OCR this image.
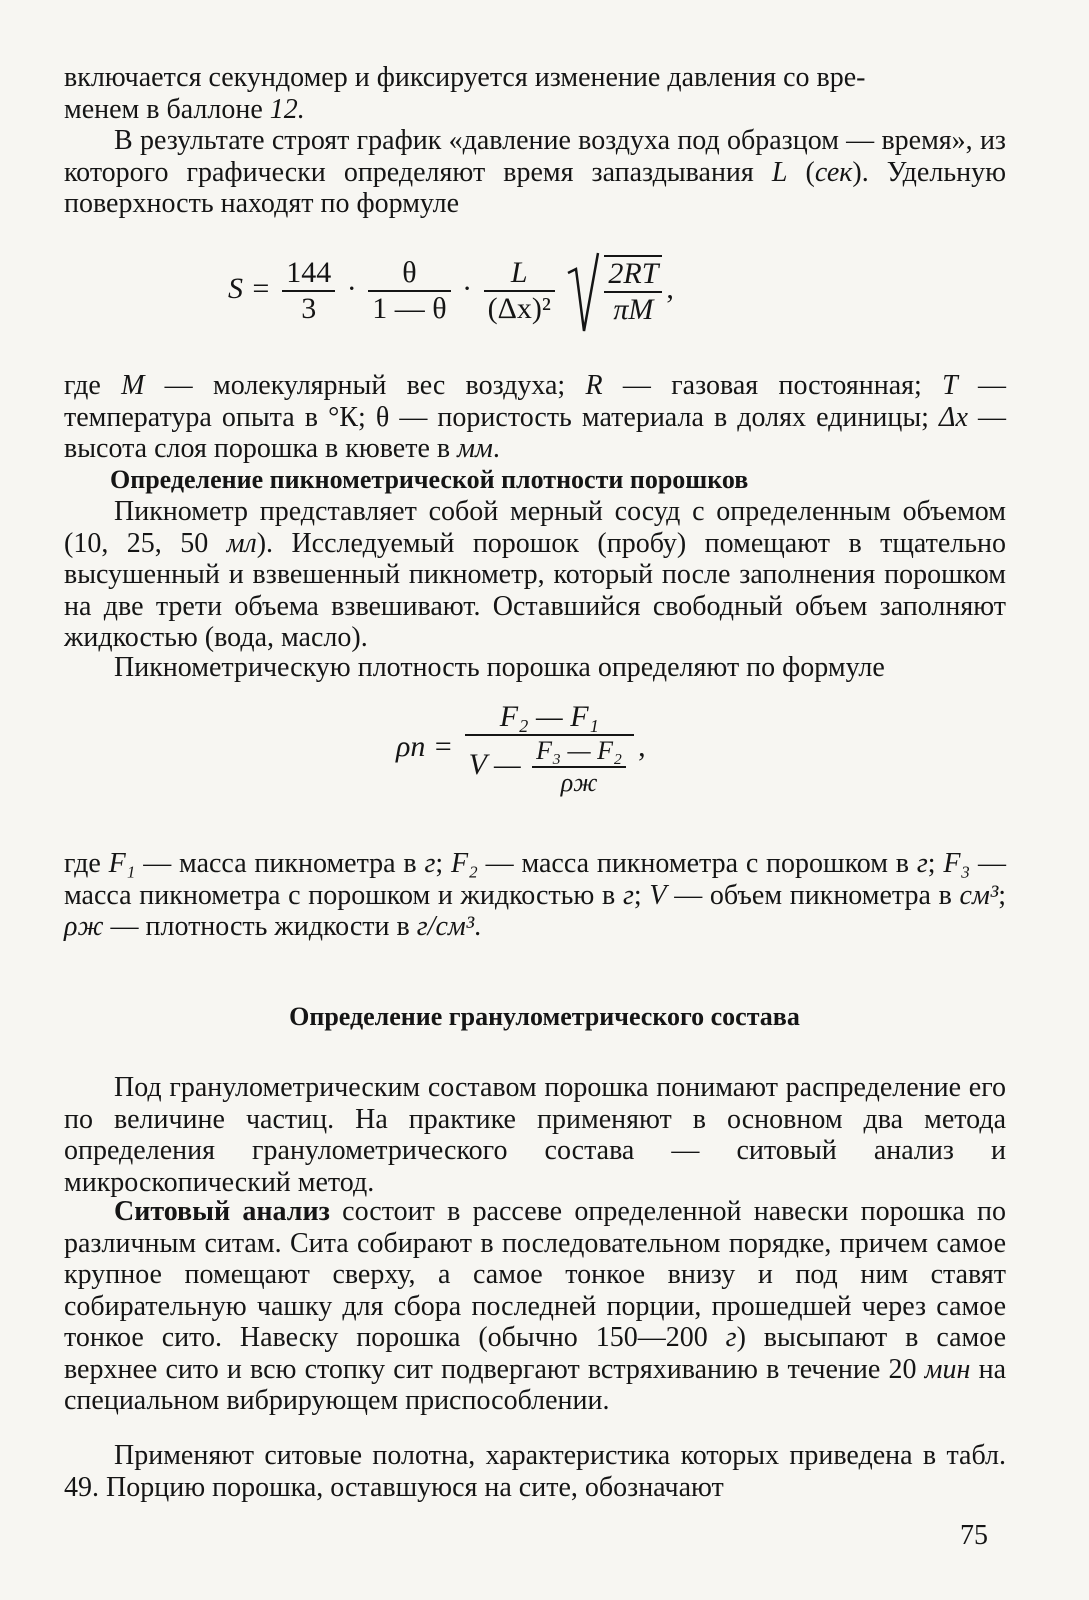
включается секундомер и фиксируется изменение давления со вре-
менем в баллоне 12.

В результате строят график «давление воздуха под образцом — время», из которого графически определяют время запаздывания L (сек). Удельную поверхность находят по формуле

$S = \frac{144}{3} \cdot \frac{\theta}{1 — \theta} \cdot \frac{L}{\text{(Δx)²}}$
$\frac{2RT}{\pi M}$ ,

где M — молекулярный вес воздуха; R — газовая постоянная; T — температура опыта в °К; θ — пористость материала в долях единицы; Δx — высота слоя порошка в кювете в мм.

Определение пикнометрической плотности порошков

Пикнометр представляет собой мерный сосуд с определенным объемом (10, 25, 50 мл). Исследуемый порошок (пробу) помещают в тщательно высушенный и взвешенный пикнометр, который после заполнения порошком на две трети объема взвешивают. Оставшийся свободный объем заполняют жидкостью (вода, масло).

Пикнометрическую плотность порошка определяют по формуле

$\rho п = \frac{\text{F₂ — F₁}}{V — \frac{\text{F₃ — F₂}}{\rho ж}}$ ,

где F₁ — масса пикнометра в г; F₂ — масса пикнометра с порошком в г; F₃ — масса пикнометра с порошком и жидкостью в г; V — объем пикнометра в см³; ρж — плотность жидкости в г/см³.

Определение гранулометрического состава

Под гранулометрическим составом порошка понимают распределение его по величине частиц. На практике применяют в основном два метода определения гранулометрического состава — ситовый анализ и микроскопический метод.

Ситовый анализ состоит в рассеве определенной навески порошка по различным ситам. Сита собирают в последовательном порядке, причем самое крупное помещают сверху, а самое тонкое внизу и под ним ставят собирательную чашку для сбора последней порции, прошедшей через самое тонкое сито. Навеску порошка (обычно 150—200 г) высыпают в самое верхнее сито и всю стопку сит подвергают встряхиванию в течение 20 мин на специальном вибрирующем приспособлении.

Применяют ситовые полотна, характеристика которых приведена в табл. 49. Порцию порошка, оставшуюся на сите, обозначают

75
